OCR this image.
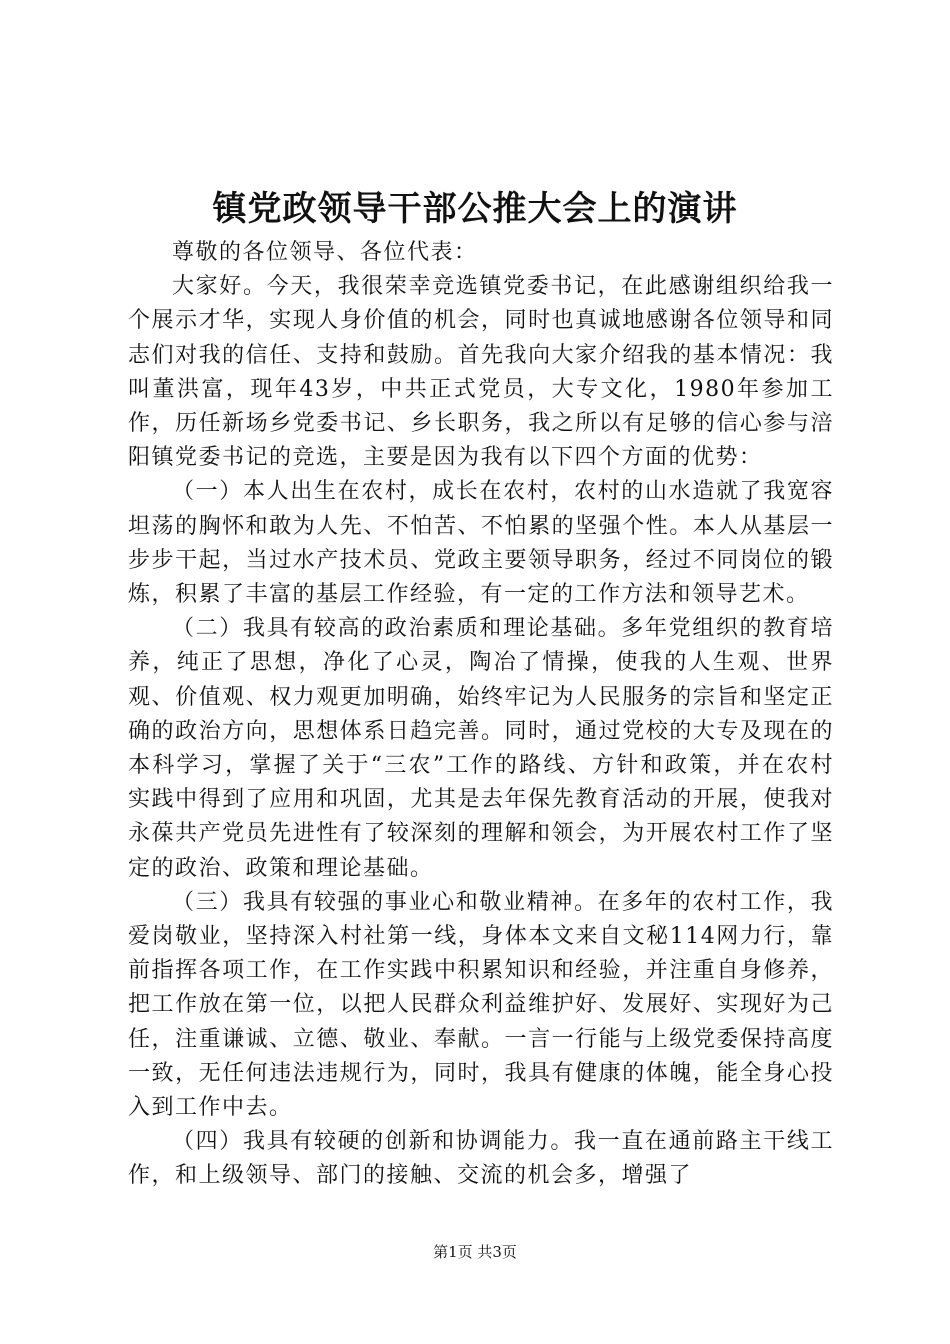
镇党政领导干部公推大会上的演讲

尊敬的各位领导、各位代表：

大家好。今天，我很荣幸竞选镇党委书记，在此感谢组织给我一个展示才华，实现人身价值的机会，同时也真诚地感谢各位领导和同志们对我的信任、支持和鼓励。首先我向大家介绍我的基本情况：我叫董洪富，现年43岁，中共正式党员，大专文化，1980年参加工作，历任新场乡党委书记、乡长职务，我之所以有足够的信心参与涪阳镇党委书记的竞选，主要是因为我有以下四个方面的优势：

（一）本人出生在农村，成长在农村，农村的山水造就了我宽容坦荡的胸怀和敢为人先、不怕苦、不怕累的坚强个性。本人从基层一步步干起，当过水产技术员、党政主要领导职务，经过不同岗位的锻炼，积累了丰富的基层工作经验，有一定的工作方法和领导艺术。

（二）我具有较高的政治素质和理论基础。多年党组织的教育培养，纯正了思想，净化了心灵，陶冶了情操，使我的人生观、世界观、价值观、权力观更加明确，始终牢记为人民服务的宗旨和坚定正确的政治方向，思想体系日趋完善。同时，通过党校的大专及现在的本科学习，掌握了关于“三农”工作的路线、方针和政策，并在农村实践中得到了应用和巩固，尤其是去年保先教育活动的开展，使我对永葆共产党员先进性有了较深刻的理解和领会，为开展农村工作了坚定的政治、政策和理论基础。

（三）我具有较强的事业心和敬业精神。在多年的农村工作，我爱岗敬业，坚持深入村社第一线，身体本文来自文秘114网力行，靠前指挥各项工作，在工作实践中积累知识和经验，并注重自身修养，把工作放在第一位，以把人民群众利益维护好、发展好、实现好为己任，注重谦诚、立德、敬业、奉献。一言一行能与上级党委保持高度一致，无任何违法违规行为，同时，我具有健康的体魄，能全身心投入到工作中去。

（四）我具有较硬的创新和协调能力。我一直在通前路主干线工作，和上级领导、部门的接触、交流的机会多，增强了

第1页 共3页
